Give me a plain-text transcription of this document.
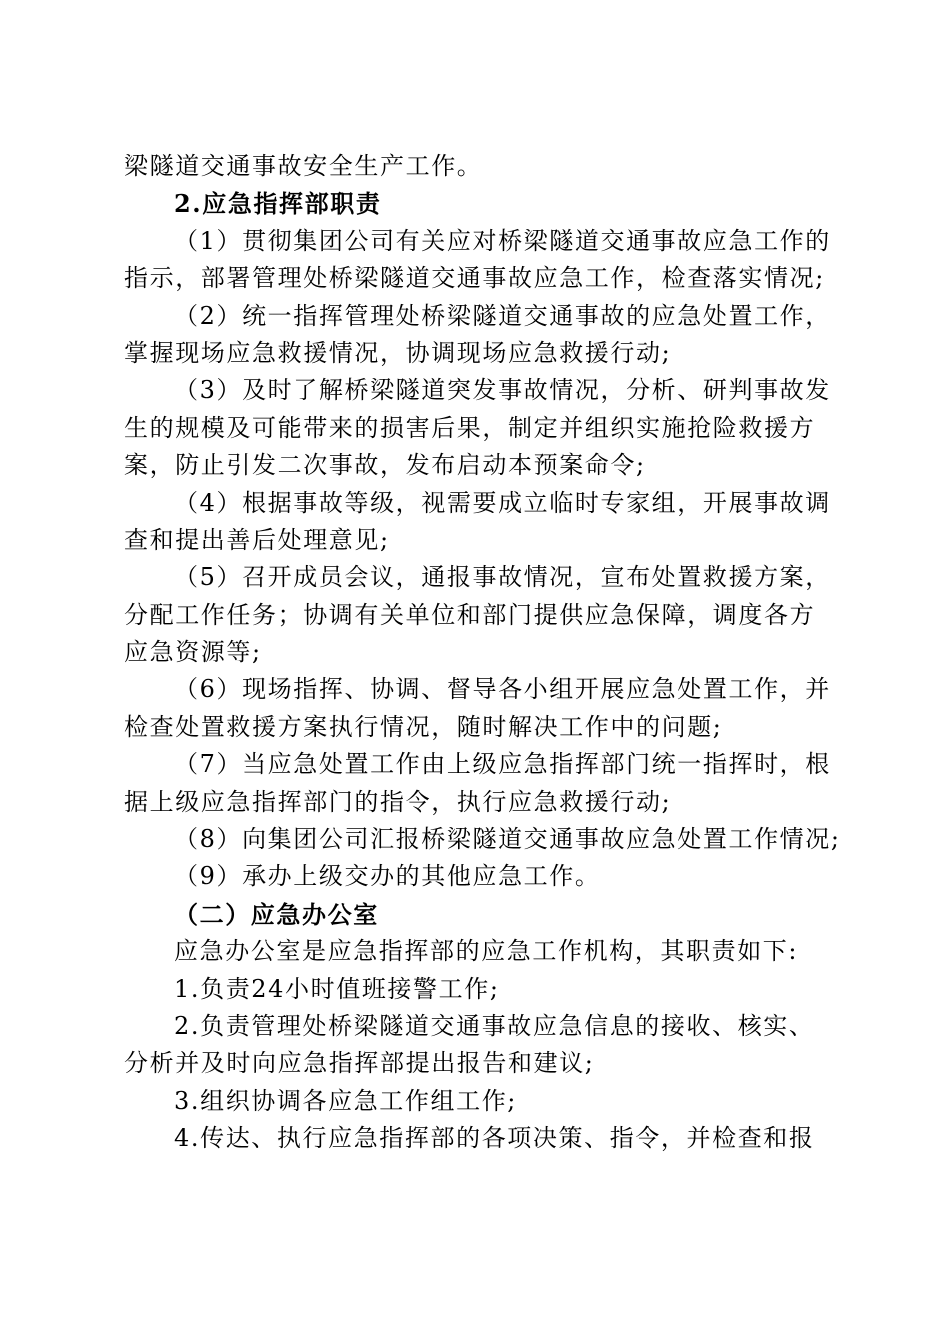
梁隧道交通事故安全生产工作。
2.应急指挥部职责
（1）贯彻集团公司有关应对桥梁隧道交通事故应急工作的
指示，部署管理处桥梁隧道交通事故应急工作，检查落实情况;
（2）统一指挥管理处桥梁隧道交通事故的应急处置工作，
掌握现场应急救援情况，协调现场应急救援行动;
（3）及时了解桥梁隧道突发事故情况，分析、研判事故发
生的规模及可能带来的损害后果，制定并组织实施抢险救援方
案，防止引发二次事故，发布启动本预案命令;
（4）根据事故等级，视需要成立临时专家组，开展事故调
查和提出善后处理意见;
（5）召开成员会议，通报事故情况，宣布处置救援方案，
分配工作任务；协调有关单位和部门提供应急保障，调度各方
应急资源等;
（6）现场指挥、协调、督导各小组开展应急处置工作，并
检查处置救援方案执行情况，随时解决工作中的问题;
（7）当应急处置工作由上级应急指挥部门统一指挥时，根
据上级应急指挥部门的指令，执行应急救援行动;
（8）向集团公司汇报桥梁隧道交通事故应急处置工作情况;
（9）承办上级交办的其他应急工作。
（二）应急办公室
应急办公室是应急指挥部的应急工作机构，其职责如下:
1.负责24小时值班接警工作;
2.负责管理处桥梁隧道交通事故应急信息的接收、核实、
分析并及时向应急指挥部提出报告和建议;
3.组织协调各应急工作组工作;
4.传达、执行应急指挥部的各项决策、指令，并检查和报
